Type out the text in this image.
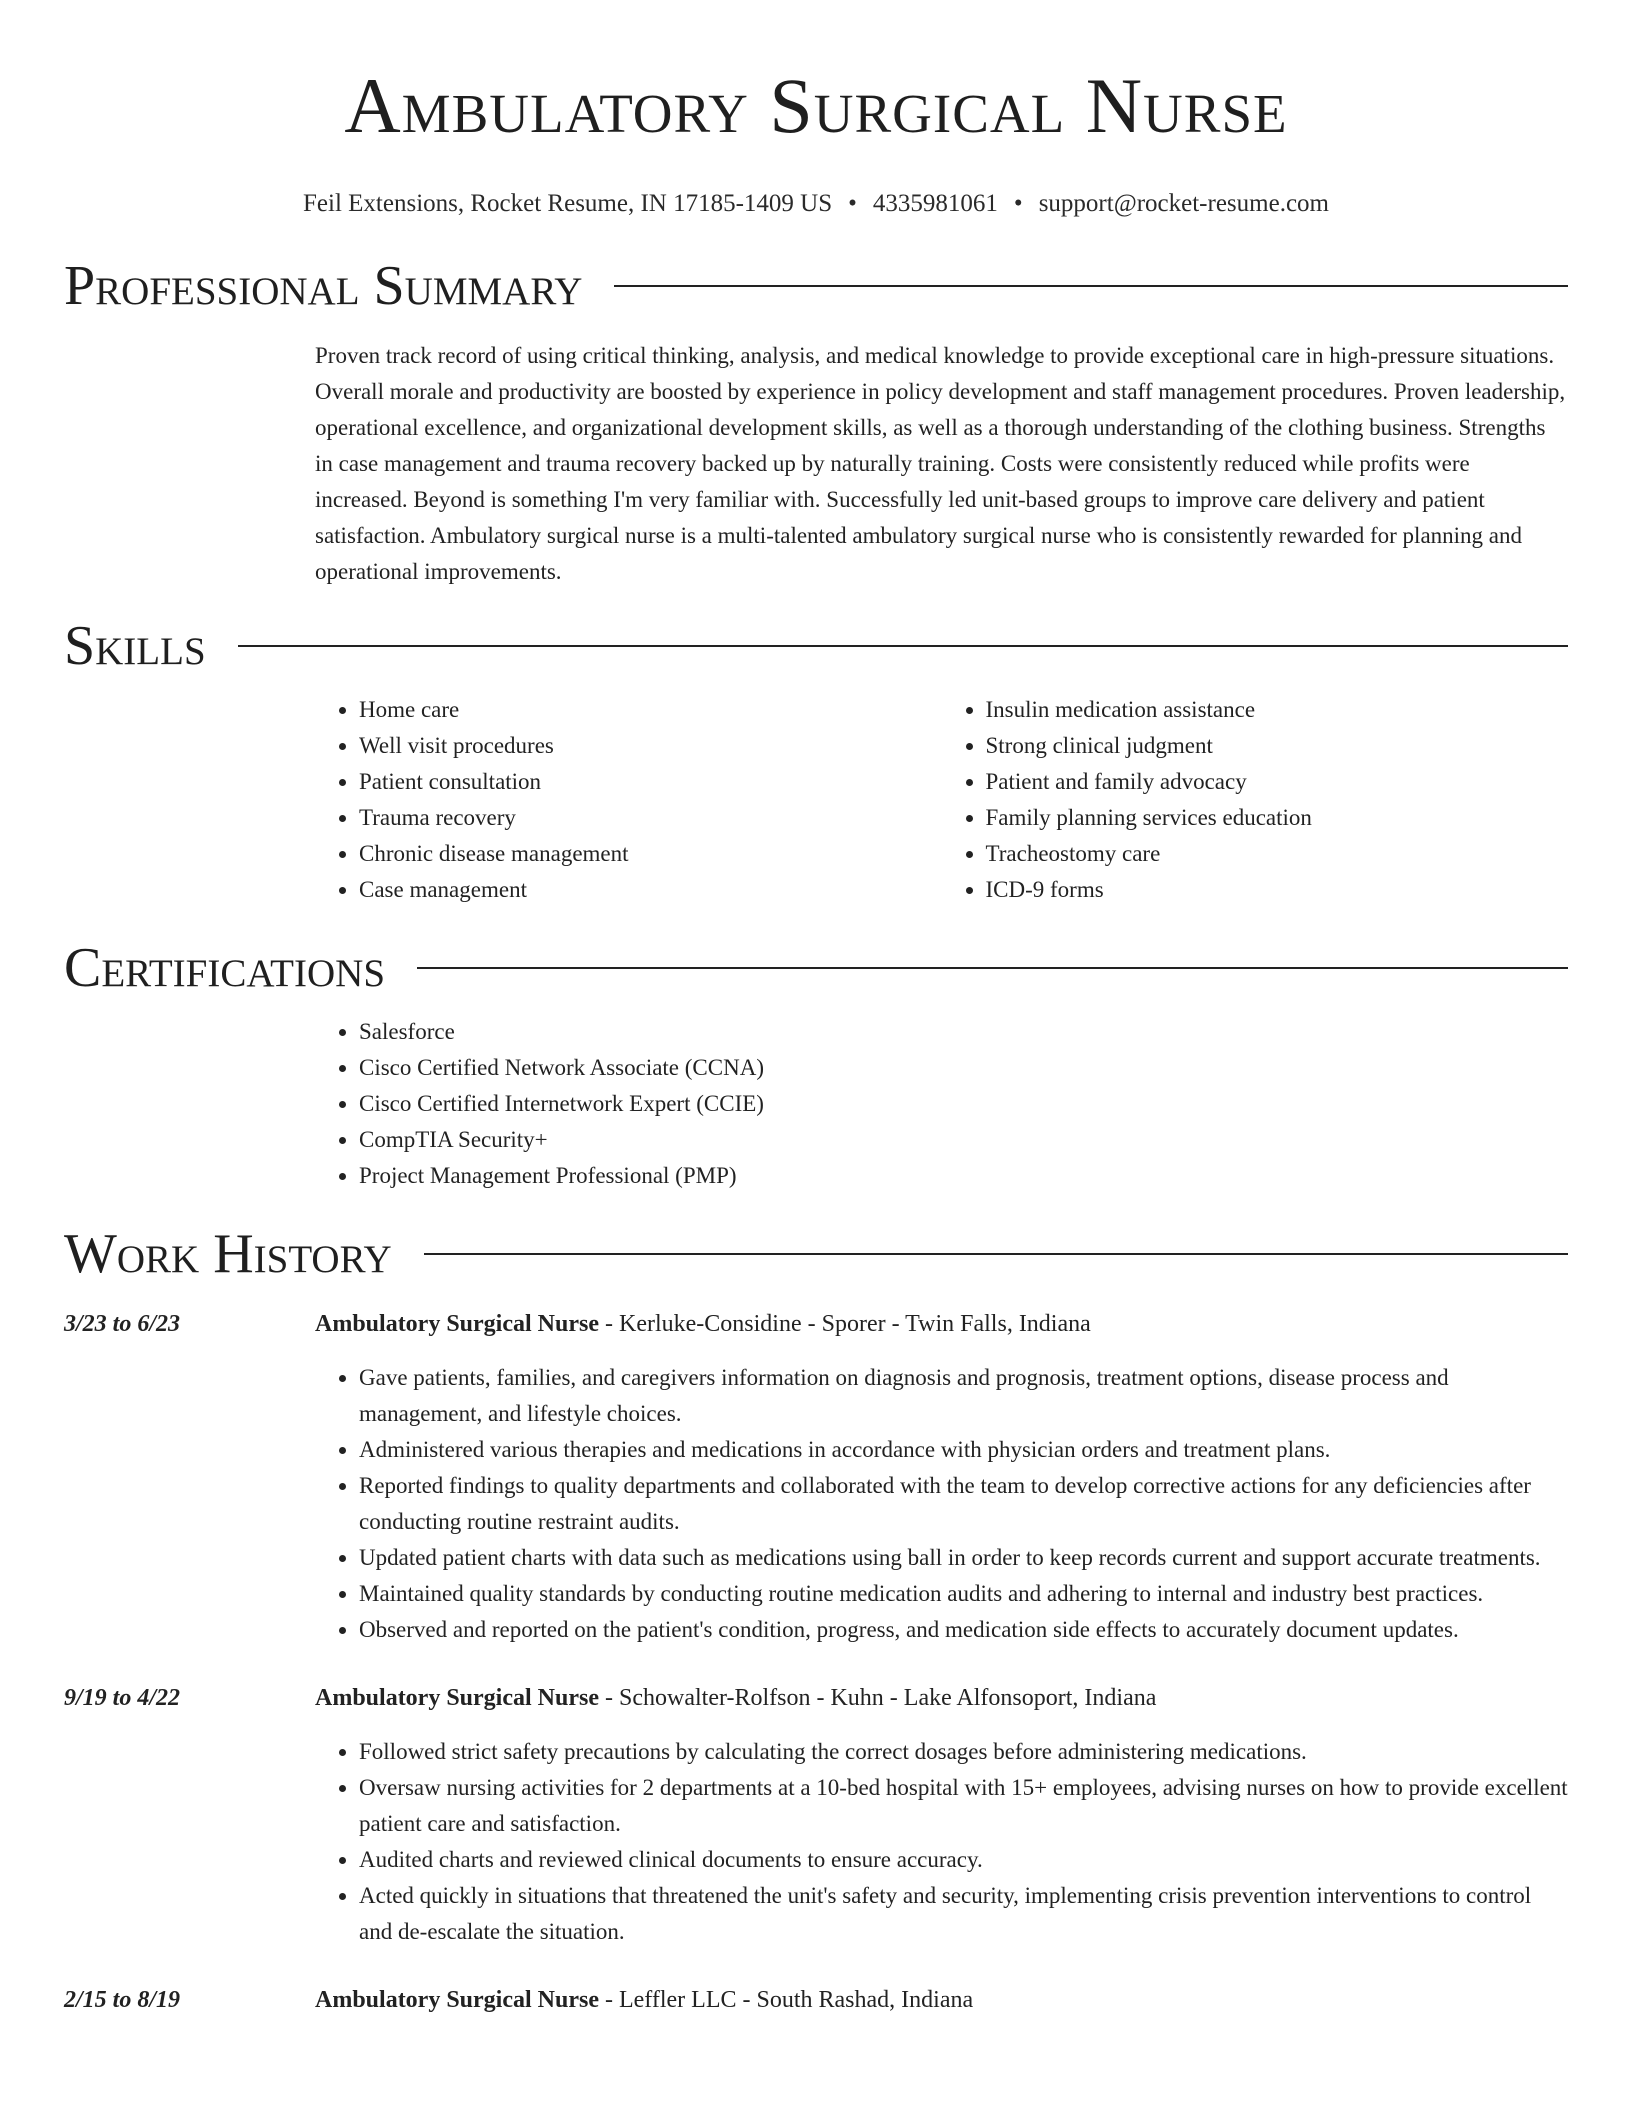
Ambulatory Surgical Nurse
Feil Extensions, Rocket Resume, IN 17185-1409 US • 4335981061 • support@rocket-resume.com
Professional Summary
Proven track record of using critical thinking, analysis, and medical knowledge to provide exceptional care in high-pressure situations. Overall morale and productivity are boosted by experience in policy development and staff management procedures. Proven leadership, operational excellence, and organizational development skills, as well as a thorough understanding of the clothing business. Strengths in case management and trauma recovery backed up by naturally training. Costs were consistently reduced while profits were increased. Beyond is something I'm very familiar with. Successfully led unit-based groups to improve care delivery and patient satisfaction. Ambulatory surgical nurse is a multi-talented ambulatory surgical nurse who is consistently rewarded for planning and operational improvements.
Skills
• Home care
• Well visit procedures
• Patient consultation
• Trauma recovery
• Chronic disease management
• Case management
• Insulin medication assistance
• Strong clinical judgment
• Patient and family advocacy
• Family planning services education
• Tracheostomy care
• ICD-9 forms
Certifications
• Salesforce
• Cisco Certified Network Associate (CCNA)
• Cisco Certified Internetwork Expert (CCIE)
• CompTIA Security+
• Project Management Professional (PMP)
Work History
3/23 to 6/23	Ambulatory Surgical Nurse - Kerluke-Considine - Sporer - Twin Falls, Indiana
• Gave patients, families, and caregivers information on diagnosis and prognosis, treatment options, disease process and management, and lifestyle choices.
• Administered various therapies and medications in accordance with physician orders and treatment plans.
• Reported findings to quality departments and collaborated with the team to develop corrective actions for any deficiencies after conducting routine restraint audits.
• Updated patient charts with data such as medications using ball in order to keep records current and support accurate treatments.
• Maintained quality standards by conducting routine medication audits and adhering to internal and industry best practices.
• Observed and reported on the patient's condition, progress, and medication side effects to accurately document updates.
9/19 to 4/22	Ambulatory Surgical Nurse - Schowalter-Rolfson - Kuhn - Lake Alfonsoport, Indiana
• Followed strict safety precautions by calculating the correct dosages before administering medications.
• Oversaw nursing activities for 2 departments at a 10-bed hospital with 15+ employees, advising nurses on how to provide excellent patient care and satisfaction.
• Audited charts and reviewed clinical documents to ensure accuracy.
• Acted quickly in situations that threatened the unit's safety and security, implementing crisis prevention interventions to control and de-escalate the situation.
2/15 to 8/19	Ambulatory Surgical Nurse - Leffler LLC - South Rashad, Indiana
